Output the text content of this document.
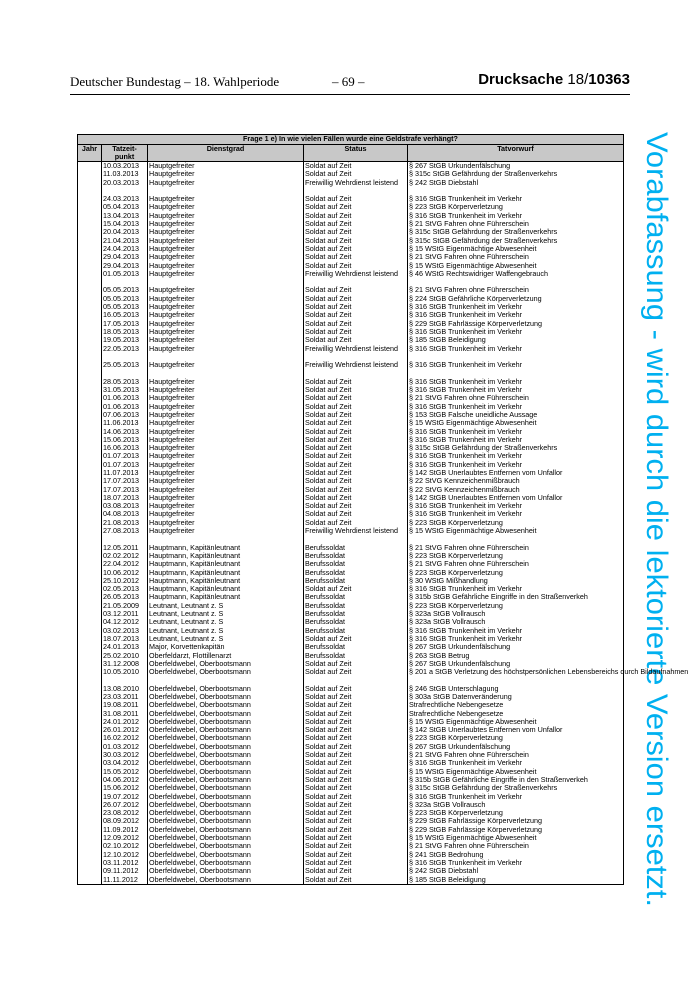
Deutscher Bundestag – 18. Wahlperiode	– 69 –	Drucksache 18/10363
Vorabfassung - wird durch die lektorierte Version ersetzt.
Frage 1 e) In wie vielen Fällen wurde eine Geldstrafe verhängt?				
Jahr	Tatzeit-punkt	Dienstgrad	Status	Tatvorwurf
	10.03.2013	Hauptgefreiter	Soldat auf Zeit	§ 267 StGB Urkundenfälschung
	11.03.2013	Hauptgefreiter	Soldat auf Zeit	§ 315c StGB Gefährdung der Straßenverkehrs
	20.03.2013	Hauptgefreiter	Freiwillig Wehrdienst leistend	§ 242 StGB Diebstahl

	24.03.2013	Hauptgefreiter	Soldat auf Zeit	§ 316 StGB Trunkenheit im Verkehr
	05.04.2013	Hauptgefreiter	Soldat auf Zeit	§ 223 StGB Körperverletzung
	13.04.2013	Hauptgefreiter	Soldat auf Zeit	§ 316 StGB Trunkenheit im Verkehr
	15.04.2013	Hauptgefreiter	Soldat auf Zeit	§ 21 StVG Fahren ohne Führerschein
	20.04.2013	Hauptgefreiter	Soldat auf Zeit	§ 315c StGB Gefährdung der Straßenverkehrs
	21.04.2013	Hauptgefreiter	Soldat auf Zeit	§ 315c StGB Gefährdung der Straßenverkehrs
	24.04.2013	Hauptgefreiter	Soldat auf Zeit	§ 15 WStG Eigenmächtige Abwesenheit
	29.04.2013	Hauptgefreiter	Soldat auf Zeit	§ 21 StVG Fahren ohne Führerschein
	29.04.2013	Hauptgefreiter	Soldat auf Zeit	§ 15 WStG Eigenmächtige Abwesenheit
	01.05.2013	Hauptgefreiter	Freiwillig Wehrdienst leistend	§ 46 WStG Rechtswidriger Waffengebrauch

	05.05.2013	Hauptgefreiter	Soldat auf Zeit	§ 21 StVG Fahren ohne Führerschein
	05.05.2013	Hauptgefreiter	Soldat auf Zeit	§ 224 StGB Gefährliche Körperverletzung
	05.05.2013	Hauptgefreiter	Soldat auf Zeit	§ 316 StGB Trunkenheit im Verkehr
	16.05.2013	Hauptgefreiter	Soldat auf Zeit	§ 316 StGB Trunkenheit im Verkehr
	17.05.2013	Hauptgefreiter	Soldat auf Zeit	§ 229 StGB Fahrlässige Körperverletzung
	18.05.2013	Hauptgefreiter	Soldat auf Zeit	§ 316 StGB Trunkenheit im Verkehr
	19.05.2013	Hauptgefreiter	Soldat auf Zeit	§ 185 StGB Beleidigung
	22.05.2013	Hauptgefreiter	Freiwillig Wehrdienst leistend	§ 316 StGB Trunkenheit im Verkehr

	25.05.2013	Hauptgefreiter	Freiwillig Wehrdienst leistend	§ 316 StGB Trunkenheit im Verkehr

	28.05.2013	Hauptgefreiter	Soldat auf Zeit	§ 316 StGB Trunkenheit im Verkehr
	31.05.2013	Hauptgefreiter	Soldat auf Zeit	§ 316 StGB Trunkenheit im Verkehr
	01.06.2013	Hauptgefreiter	Soldat auf Zeit	§ 21 StVG Fahren ohne Führerschein
	01.06.2013	Hauptgefreiter	Soldat auf Zeit	§ 316 StGB Trunkenheit im Verkehr
	07.06.2013	Hauptgefreiter	Soldat auf Zeit	§ 153 StGB Falsche uneidliche Aussage
	11.06.2013	Hauptgefreiter	Soldat auf Zeit	§ 15 WStG Eigenmächtige Abwesenheit
	14.06.2013	Hauptgefreiter	Soldat auf Zeit	§ 316 StGB Trunkenheit im Verkehr
	15.06.2013	Hauptgefreiter	Soldat auf Zeit	§ 316 StGB Trunkenheit im Verkehr
	16.06.2013	Hauptgefreiter	Soldat auf Zeit	§ 315c StGB Gefährdung der Straßenverkehrs
	01.07.2013	Hauptgefreiter	Soldat auf Zeit	§ 316 StGB Trunkenheit im Verkehr
	01.07.2013	Hauptgefreiter	Soldat auf Zeit	§ 316 StGB Trunkenheit im Verkehr
	11.07.2013	Hauptgefreiter	Soldat auf Zeit	§ 142 StGB Unerlaubtes Entfernen vom Unfallor
	17.07.2013	Hauptgefreiter	Soldat auf Zeit	§ 22 StVG Kennzeichenmißbrauch
	17.07.2013	Hauptgefreiter	Soldat auf Zeit	§ 22 StVG Kennzeichenmißbrauch
	18.07.2013	Hauptgefreiter	Soldat auf Zeit	§ 142 StGB Unerlaubtes Entfernen vom Unfallor
	03.08.2013	Hauptgefreiter	Soldat auf Zeit	§ 316 StGB Trunkenheit im Verkehr
	04.08.2013	Hauptgefreiter	Soldat auf Zeit	§ 316 StGB Trunkenheit im Verkehr
	21.08.2013	Hauptgefreiter	Soldat auf Zeit	§ 223 StGB Körperverletzung
	27.08.2013	Hauptgefreiter	Freiwillig Wehrdienst leistend	§ 15 WStG Eigenmächtige Abwesenheit

	12.05.2011	Hauptmann, Kapitänleutnant	Berufssoldat	§ 21 StVG Fahren ohne Führerschein
	02.02.2012	Hauptmann, Kapitänleutnant	Berufssoldat	§ 223 StGB Körperverletzung
	22.04.2012	Hauptmann, Kapitänleutnant	Berufssoldat	§ 21 StVG Fahren ohne Führerschein
	10.06.2012	Hauptmann, Kapitänleutnant	Berufssoldat	§ 223 StGB Körperverletzung
	25.10.2012	Hauptmann, Kapitänleutnant	Berufssoldat	§ 30 WStG Mißhandlung
	02.05.2013	Hauptmann, Kapitänleutnant	Soldat auf Zeit	§ 316 StGB Trunkenheit im Verkehr
	26.05.2013	Hauptmann, Kapitänleutnant	Berufssoldat	§ 315b StGB Gefährliche Eingriffe in den Straßenverkeh
	21.05.2009	Leutnant, Leutnant z. S	Berufssoldat	§ 223 StGB Körperverletzung
	03.12.2011	Leutnant, Leutnant z. S	Berufssoldat	§ 323a StGB Vollrausch
	04.12.2012	Leutnant, Leutnant z. S	Berufssoldat	§ 323a StGB Vollrausch
	03.02.2013	Leutnant, Leutnant z. S	Berufssoldat	§ 316 StGB Trunkenheit im Verkehr
	18.07.2013	Leutnant, Leutnant z. S	Soldat auf Zeit	§ 316 StGB Trunkenheit im Verkehr
	24.01.2013	Major, Korvettenkapitän	Berufssoldat	§ 267 StGB Urkundenfälschung
	25.02.2010	Oberfeldarzt, Flottillenarzt	Berufssoldat	§ 263 StGB Betrug
	31.12.2008	Oberfeldwebel, Oberbootsmann	Soldat auf Zeit	§ 267 StGB Urkundenfälschung
	10.05.2010	Oberfeldwebel, Oberbootsmann	Soldat auf Zeit	§ 201 a StGB Verletzung des höchstpersönlichen Lebensbereichs durch Bildaufnahmen

	13.08.2010	Oberfeldwebel, Oberbootsmann	Soldat auf Zeit	§ 246 StGB Unterschlagung
	23.03.2011	Oberfeldwebel, Oberbootsmann	Soldat auf Zeit	§ 303a StGB Datenveränderung
	19.08.2011	Oberfeldwebel, Oberbootsmann	Soldat auf Zeit	Strafrechtliche Nebengesetze
	31.08.2011	Oberfeldwebel, Oberbootsmann	Soldat auf Zeit	Strafrechtliche Nebengesetze
	24.01.2012	Oberfeldwebel, Oberbootsmann	Soldat auf Zeit	§ 15 WStG Eigenmächtige Abwesenheit
	26.01.2012	Oberfeldwebel, Oberbootsmann	Soldat auf Zeit	§ 142 StGB Unerlaubtes Entfernen vom Unfallor
	16.02.2012	Oberfeldwebel, Oberbootsmann	Soldat auf Zeit	§ 223 StGB Körperverletzung
	01.03.2012	Oberfeldwebel, Oberbootsmann	Soldat auf Zeit	§ 267 StGB Urkundenfälschung
	30.03.2012	Oberfeldwebel, Oberbootsmann	Soldat auf Zeit	§ 21 StVG Fahren ohne Führerschein
	03.04.2012	Oberfeldwebel, Oberbootsmann	Soldat auf Zeit	§ 316 StGB Trunkenheit im Verkehr
	15.05.2012	Oberfeldwebel, Oberbootsmann	Soldat auf Zeit	§ 15 WStG Eigenmächtige Abwesenheit
	04.06.2012	Oberfeldwebel, Oberbootsmann	Soldat auf Zeit	§ 315b StGB Gefährliche Eingriffe in den Straßenverkeh
	15.06.2012	Oberfeldwebel, Oberbootsmann	Soldat auf Zeit	§ 315c StGB Gefährdung der Straßenverkehrs
	19.07.2012	Oberfeldwebel, Oberbootsmann	Soldat auf Zeit	§ 316 StGB Trunkenheit im Verkehr
	26.07.2012	Oberfeldwebel, Oberbootsmann	Soldat auf Zeit	§ 323a StGB Vollrausch
	23.08.2012	Oberfeldwebel, Oberbootsmann	Soldat auf Zeit	§ 223 StGB Körperverletzung
	08.09.2012	Oberfeldwebel, Oberbootsmann	Soldat auf Zeit	§ 229 StGB Fahrlässige Körperverletzung
	11.09.2012	Oberfeldwebel, Oberbootsmann	Soldat auf Zeit	§ 229 StGB Fahrlässige Körperverletzung
	12.09.2012	Oberfeldwebel, Oberbootsmann	Soldat auf Zeit	§ 15 WStG Eigenmächtige Abwesenheit
	02.10.2012	Oberfeldwebel, Oberbootsmann	Soldat auf Zeit	§ 21 StVG Fahren ohne Führerschein
	12.10.2012	Oberfeldwebel, Oberbootsmann	Soldat auf Zeit	§ 241 StGB Bedrohung
	03.11.2012	Oberfeldwebel, Oberbootsmann	Soldat auf Zeit	§ 316 StGB Trunkenheit im Verkehr
	09.11.2012	Oberfeldwebel, Oberbootsmann	Soldat auf Zeit	§ 242 StGB Diebstahl
	11.11.2012	Oberfeldwebel, Oberbootsmann	Soldat auf Zeit	§ 185 StGB Beleidigung
